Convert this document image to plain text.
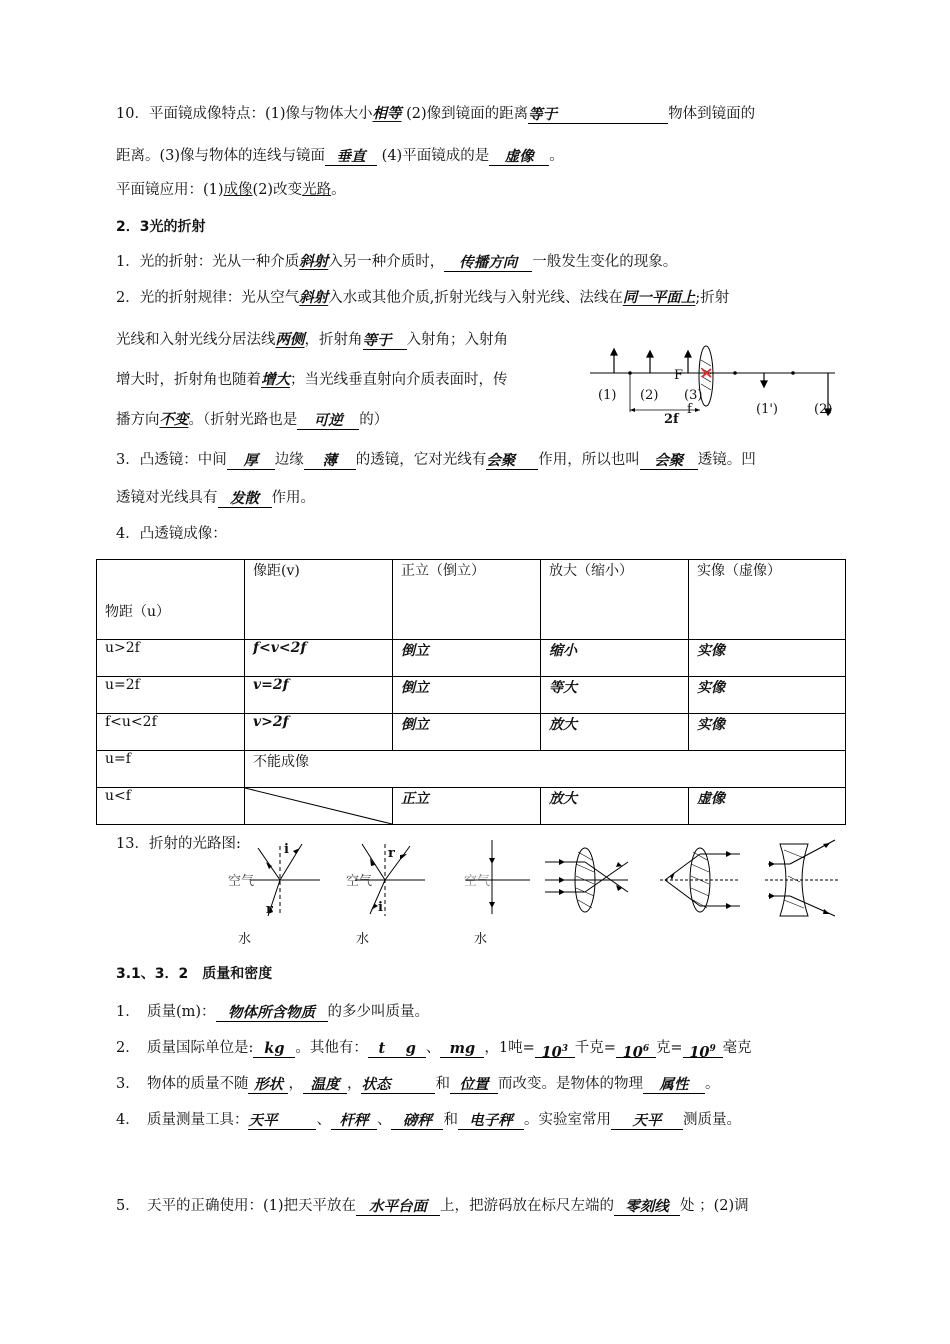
10．平面镜成像特点：(1)像与物体大小相等 (2)像到镜面的距离等于	物体到镜面的
距离。(3)像与物体的连线与镜面 垂直 (4)平面镜成的是 虚像 。
平面镜应用：(1)成像(2)改变光路。
2．3光的折射
1．光的折射：光从一种介质斜射入另一种介质时， 传播方向 一般发生变化的现象。
2．光的折射规律：光从空气斜射入水或其他介质,折射光线与入射光线、法线在同一平面上;折射
光线和入射光线分居法线两侧，折射角等于 入射角；入射角
增大时，折射角也随着增大；当光线垂直射向介质表面时，传
播方向不变。（折射光路也是 可逆 的）
(1) (2) (3)
F
f
2f
(1')	(2)
3．凸透镜：中间 厚 边缘 薄 的透镜，它对光线有会聚 作用，所以也叫 会聚 透镜。凹
透镜对光线具有 发散 作用。
4．凸透镜成像：
物距（u）	像距(v)	正立（倒立）	放大（缩小）	实像（虚像）
u>2f	f<v<2f	倒立	缩小	实像
u=2f	v=2f	倒立	等大	实像
f<u<2f	v>2f	倒立	放大	实像
u=f	不能成像			
u<f		正立	放大	虚像
13．折射的光路图:
空气
i
r
水
空气
r
i
水
空气
水
3.1、3．2　质量和密度
1．　质量(m)： 物体所含物质 的多少叫质量。
2．　质量国际单位是: kg 。其他有： t g 、 mg ，1吨= $10^3$ 千克= $10^6$ 克= $10^9$ 毫克
3．　物体的质量不随 形状 ， 温度 ，状态	和 位置 而改变。是物体的物理 属性 。
4．　质量测量工具：天平	、 杆秤 、 磅秤 和 电子秤 。实验室常用 天平 测质量。
5．　天平的正确使用：(1)把天平放在 水平台面 上，把游码放在标尺左端的 零刻线 处 ；(2)调
